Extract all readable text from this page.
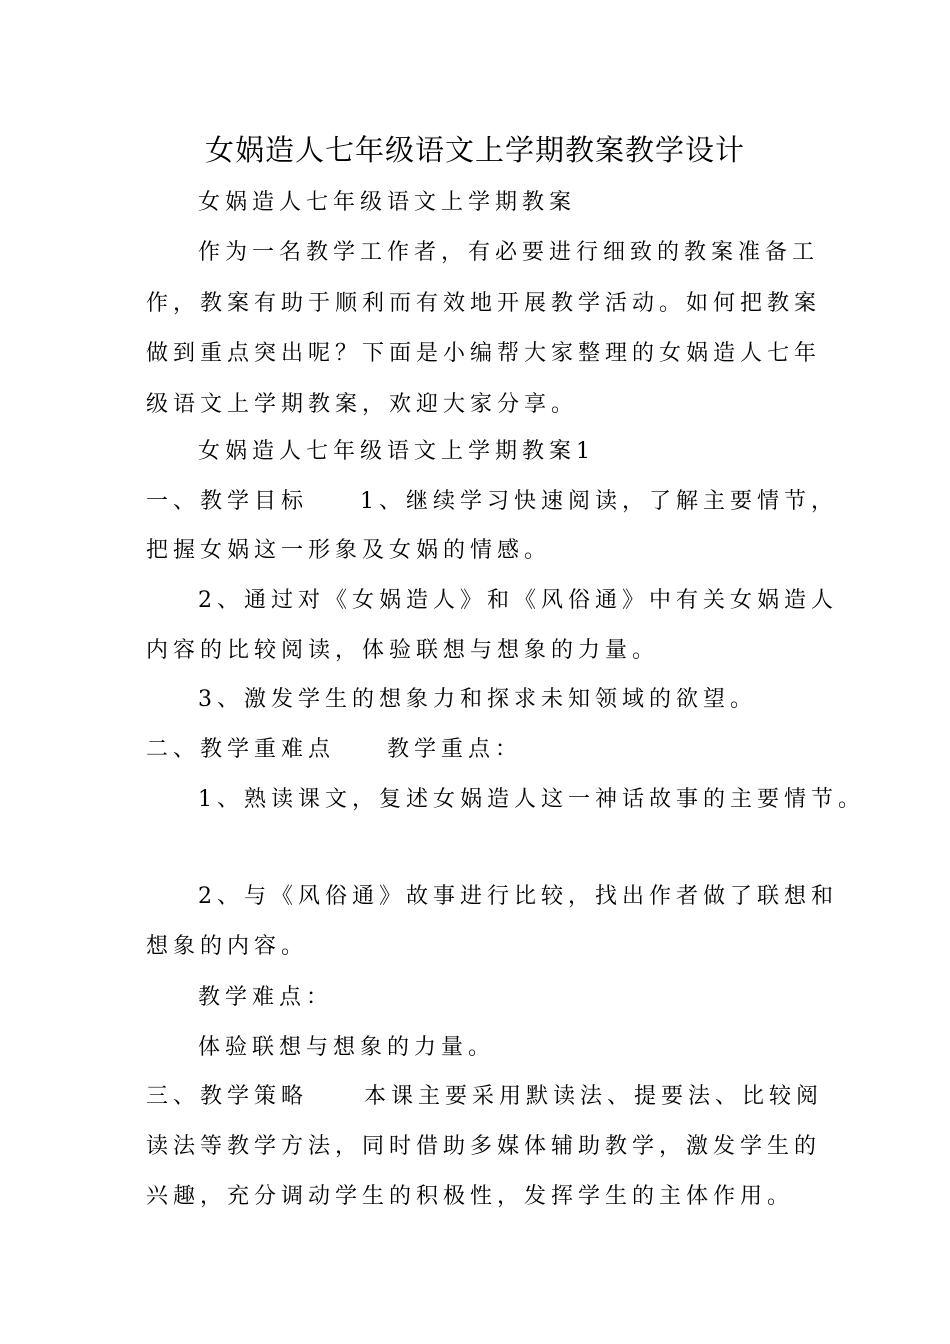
女娲造人七年级语文上学期教案教学设计

女娲造人七年级语文上学期教案

作为一名教学工作者，有必要进行细致的教案准备工

作，教案有助于顺利而有效地开展教学活动。如何把教案

做到重点突出呢？下面是小编帮大家整理的女娲造人七年

级语文上学期教案，欢迎大家分享。

女娲造人七年级语文上学期教案1

一、教学目标 1、继续学习快速阅读，了解主要情节，

把握女娲这一形象及女娲的情感。

2、通过对《女娲造人》和《风俗通》中有关女娲造人

内容的比较阅读，体验联想与想象的力量。

3、激发学生的想象力和探求未知领域的欲望。

二、教学重难点 教学重点：

1、熟读课文，复述女娲造人这一神话故事的主要情节。

2、与《风俗通》故事进行比较，找出作者做了联想和

想象的内容。

教学难点：

体验联想与想象的力量。

三、教学策略	本课主要采用默读法、提要法、比较阅

读法等教学方法，同时借助多媒体辅助教学，激发学生的

兴趣，充分调动学生的积极性，发挥学生的主体作用。
